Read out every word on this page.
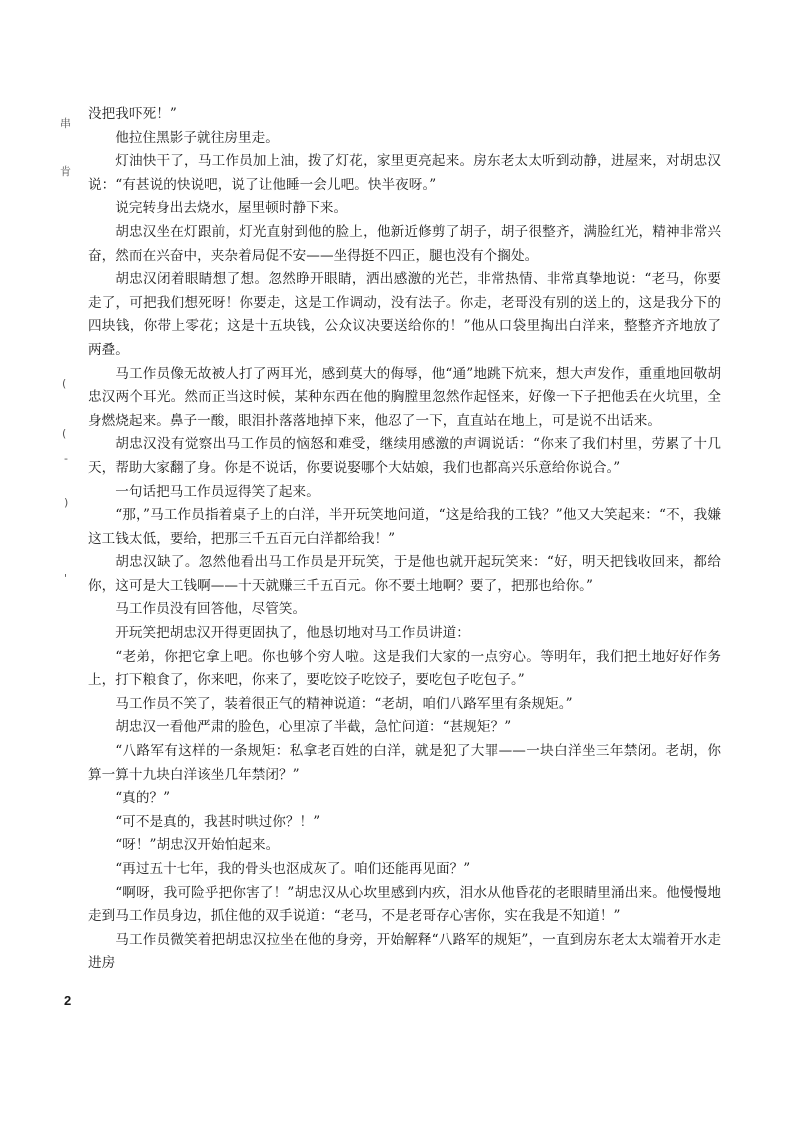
串
肯
(
(
-
)
'

没把我吓死！”

他拉住黑影子就往房里走。

灯油快干了，马工作员加上油，拨了灯花，家里更亮起来。房东老太太听到动静，进屋来，对胡忠汉说：“有甚说的快说吧，说了让他睡一会儿吧。快半夜呀。”

说完转身出去烧水，屋里顿时静下来。

胡忠汉坐在灯跟前，灯光直射到他的脸上，他新近修剪了胡子，胡子很整齐，满脸红光，精神非常兴奋，然而在兴奋中，夹杂着局促不安——坐得挺不四正，腿也没有个搁处。

胡忠汉闭着眼睛想了想。忽然睁开眼睛，洒出感激的光芒，非常热情、非常真挚地说：“老马，你要走了，可把我们想死呀！你要走，这是工作调动，没有法子。你走，老哥没有别的送上的，这是我分下的四块钱，你带上零花；这是十五块钱，公众议决要送给你的！”他从口袋里掏出白洋来，整整齐齐地放了两叠。

马工作员像无故被人打了两耳光，感到莫大的侮辱，他“通”地跳下炕来，想大声发作，重重地回敬胡忠汉两个耳光。然而正当这时候，某种东西在他的胸膛里忽然作起怪来，好像一下子把他丢在火坑里，全身燃烧起来。鼻子一酸，眼泪扑落落地掉下来，他忍了一下，直直站在地上，可是说不出话来。

胡忠汉没有觉察出马工作员的恼怒和难受，继续用感激的声调说话：“你来了我们村里，劳累了十几天，帮助大家翻了身。你是不说话，你要说娶哪个大姑娘，我们也都高兴乐意给你说合。”

一句话把马工作员逗得笑了起来。

“那，”马工作员指着桌子上的白洋，半开玩笑地问道，“这是给我的工钱？”他又大笑起来：“不，我嫌这工钱太低，要给，把那三千五百元白洋都给我！”

胡忠汉缺了。忽然他看出马工作员是开玩笑，于是他也就开起玩笑来：“好，明天把钱收回来，都给你，这可是大工钱啊——十天就赚三千五百元。你不要土地啊？要了，把那也给你。”

马工作员没有回答他，尽管笑。

开玩笑把胡忠汉开得更固执了，他恳切地对马工作员讲道：

“老弟，你把它拿上吧。你也够个穷人啦。这是我们大家的一点穷心。等明年，我们把土地好好作务上，打下粮食了，你来吧，你来了，要吃饺子吃饺子，要吃包子吃包子。”

马工作员不笑了，装着很正气的精神说道：“老胡，咱们八路军里有条规矩。”

胡忠汉一看他严肃的脸色，心里凉了半截，急忙问道：“甚规矩？”

“八路军有这样的一条规矩：私拿老百姓的白洋，就是犯了大罪——一块白洋坐三年禁闭。老胡，你算一算十九块白洋该坐几年禁闭？”

“真的？”

“可不是真的，我甚时哄过你？！”

“呀！”胡忠汉开始怕起来。

“再过五十七年，我的骨头也沤成灰了。咱们还能再见面？”

“啊呀，我可险乎把你害了！”胡忠汉从心坎里感到内疚，泪水从他昏花的老眼睛里涌出来。他慢慢地走到马工作员身边，抓住他的双手说道：“老马，不是老哥存心害你，实在我是不知道！”

马工作员微笑着把胡忠汉拉坐在他的身旁，开始解释“八路军的规矩”，一直到房东老太太端着开水走进房

2
